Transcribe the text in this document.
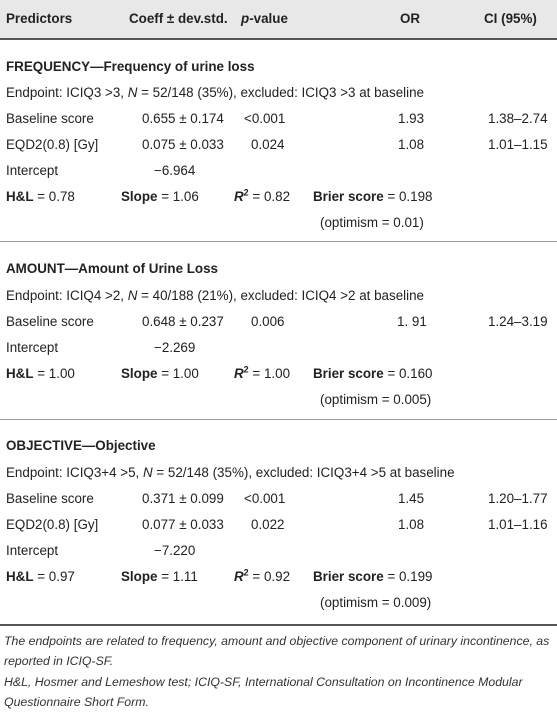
Predictors	Coeff ± dev.std. p-value	OR	CI (95%)
FREQUENCY—Frequency of urine loss
Endpoint: ICIQ3 >3, N = 52/148 (35%), excluded: ICIQ3 >3 at baseline
Baseline score	0.655 ± 0.174 <0.001	1.93	1.38–2.74
EQD2(0.8) [Gy]	0.075 ± 0.033 0.024	1.08	1.01–1.15
Intercept	−6.964
H&L = 0.78	Slope = 1.06	$R^2 = 0.82$ Brier score = 0.198
(optimism = 0.01)
AMOUNT—Amount of Urine Loss
Endpoint: ICIQ4 >2, N = 40/188 (21%), excluded: ICIQ4 >2 at baseline
Baseline score	0.648 ± 0.237 0.006	1. 91	1.24–3.19
Intercept	−2.269
H&L = 1.00	Slope = 1.00	$R^2 = 1.00$ Brier score = 0.160
(optimism = 0.005)
OBJECTIVE—Objective
Endpoint: ICIQ3+4 >5, N = 52/148 (35%), excluded: ICIQ3+4 >5 at baseline
Baseline score	0.371 ± 0.099 <0.001	1.45	1.20–1.77
EQD2(0.8) [Gy]	0.077 ± 0.033 0.022	1.08	1.01–1.16
Intercept	−7.220
H&L = 0.97	Slope = 1.11	$R^2 = 0.92$ Brier score = 0.199
(optimism = 0.009)
The endpoints are related to frequency, amount and objective component of urinary incontinence, as reported in ICIQ-SF.
H&L, Hosmer and Lemeshow test; ICIQ-SF, International Consultation on Incontinence Modular Questionnaire Short Form.
